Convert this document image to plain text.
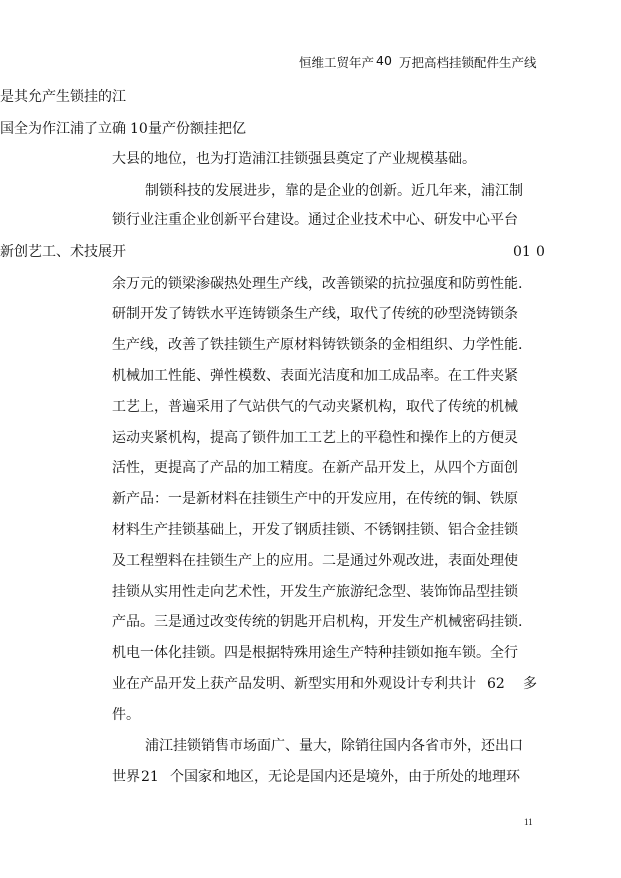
恒维工贸年产 40 万把高档挂锁配件生产线
是其允产生锁挂的江
国全为作江浦了立确 10 量产份额挂把亿
大县的地位，也为打造浦江挂锁强县奠定了产业规模基础。
制锁科技的发展进步，靠的是企业的创新。近几年来，浦江制
锁行业注重企业创新平台建设。通过企业技术中心、研发中心平台
新创艺工、术技展开	01 0
余万元的锁梁渗碳热处理生产线，改善锁梁的抗拉强度和防剪性能.
研制开发了铸铁水平连铸锁条生产线，取代了传统的砂型浇铸锁条
生产线，改善了铁挂锁生产原材料铸铁锁条的金相组织、力学性能.
机械加工性能、弹性模数、表面光洁度和加工成品率。在工件夹紧
工艺上，普遍采用了气站供气的气动夹紧机构，取代了传统的机械
运动夹紧机构，提高了锁件加工工艺上的平稳性和操作上的方便灵
活性，更提高了产品的加工精度。在新产品开发上，从四个方面创
新产品：一是新材料在挂锁生产中的开发应用，在传统的铜、铁原
材料生产挂锁基础上，开发了钢质挂锁、不锈钢挂锁、铝合金挂锁
及工程塑料在挂锁生产上的应用。二是通过外观改进，表面处理使
挂锁从实用性走向艺术性，开发生产旅游纪念型、装饰饰品型挂锁
产品。三是通过改变传统的钥匙开启机构，开发生产机械密码挂锁.
机电一体化挂锁。四是根据特殊用途生产特种挂锁如拖车锁。全行
业在产品开发上获产品发明、新型实用和外观设计专利共计 62 多
件。
浦江挂锁销售市场面广、量大，除销往国内各省市外，还出口
世界 21 个国家和地区，无论是国内还是境外，由于所处的地理环
11
